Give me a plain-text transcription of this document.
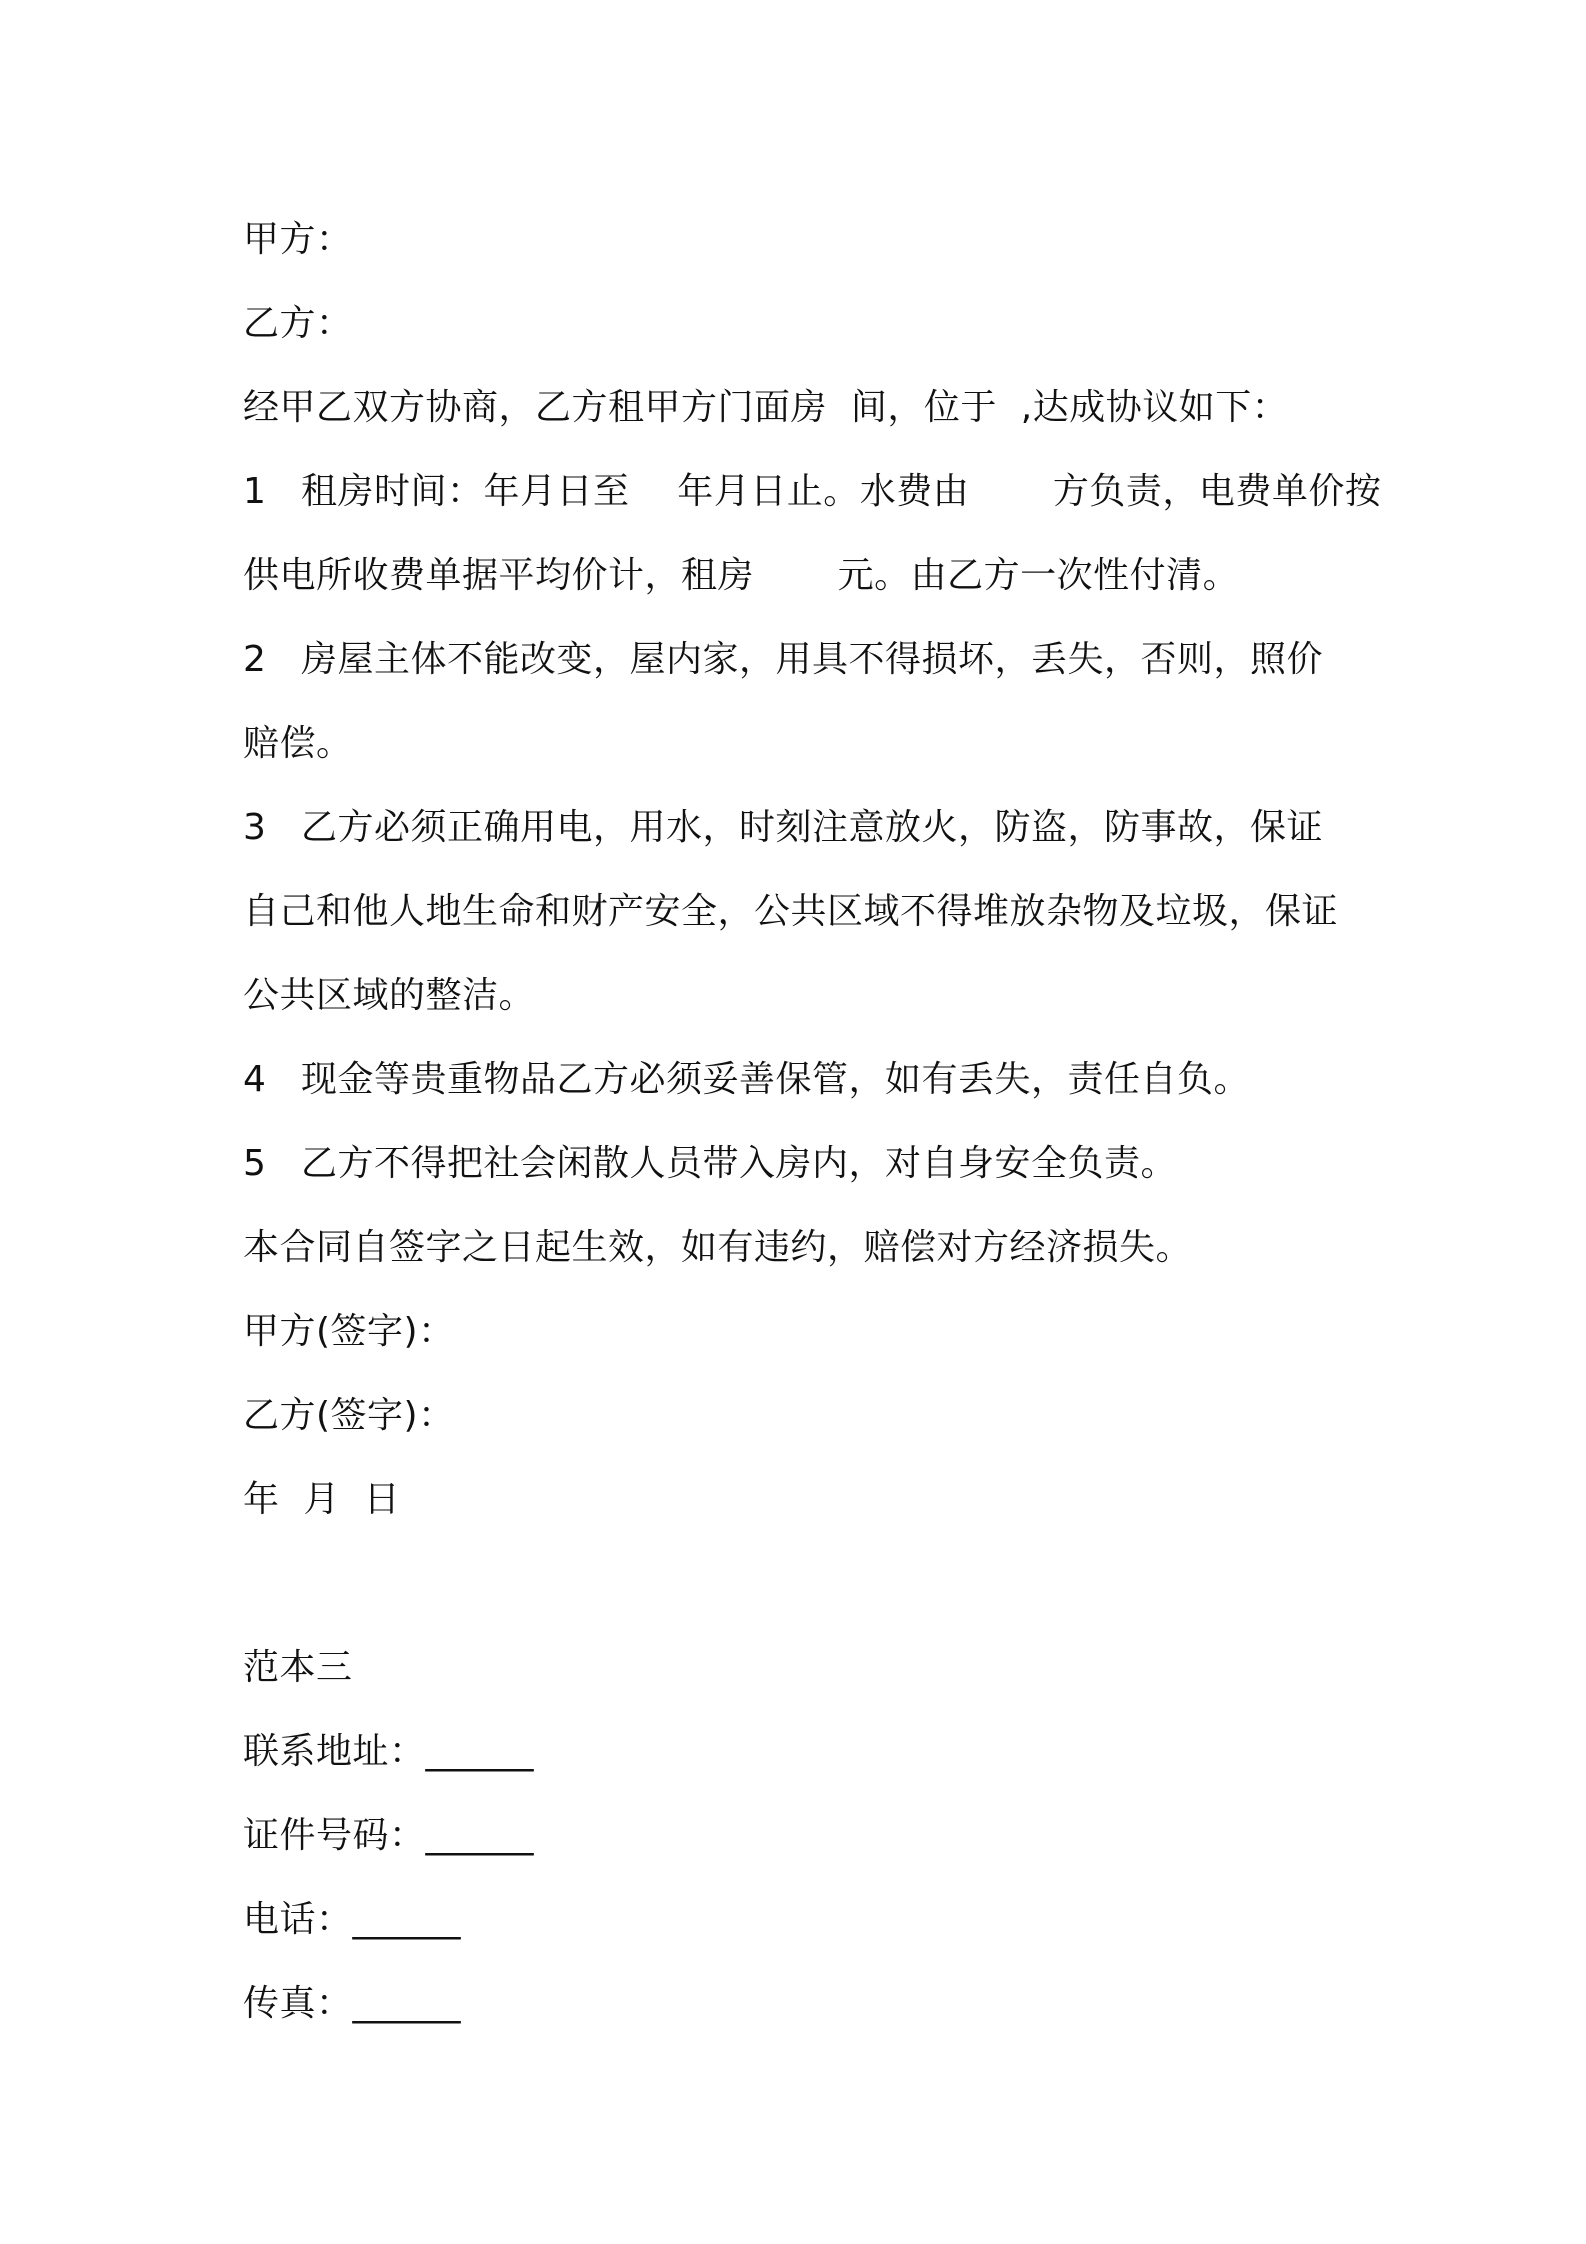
甲方：
乙方：
经甲乙双方协商，乙方租甲方门面房  间，位于  ,达成协议如下：
1 租房时间：年月日至    年月日止。水费由       方负责，电费单价按
供电所收费单据平均价计，租房       元。由乙方一次性付清。
2 房屋主体不能改变，屋内家，用具不得损坏，丢失，否则，照价
赔偿。
3 乙方必须正确用电，用水，时刻注意放火，防盗，防事故，保证
自己和他人地生命和财产安全，公共区域不得堆放杂物及垃圾，保证
公共区域的整洁。
4 现金等贵重物品乙方必须妥善保管，如有丢失，责任自负。
5 乙方不得把社会闲散人员带入房内，对自身安全负责。
本合同自签字之日起生效，如有违约，赔偿对方经济损失。
甲方(签字)：
乙方(签字)：
年  月  日
范本三
联系地址：______
证件号码：______
电话：______
传真：______
